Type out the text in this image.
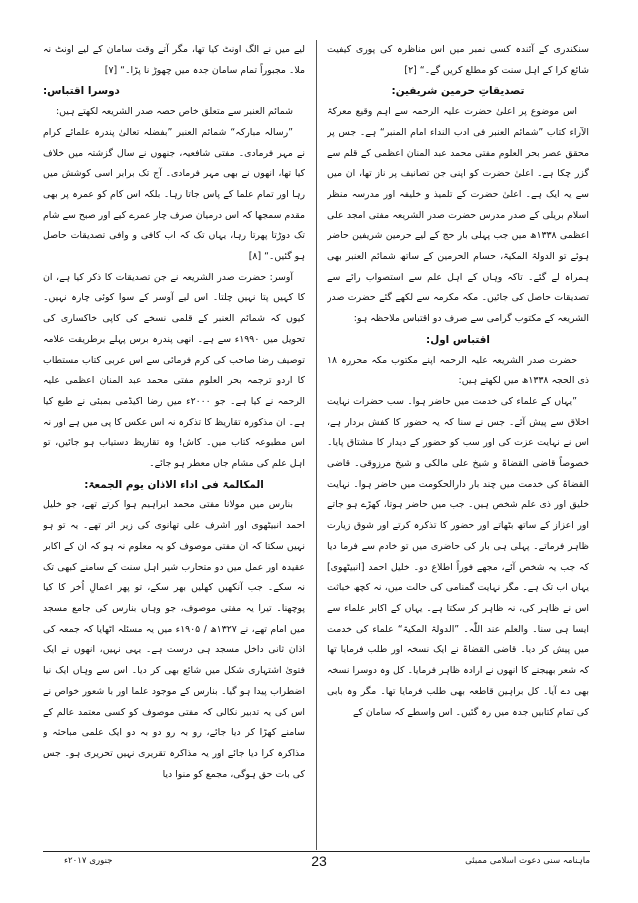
سنکندری کے آئندہ کسی نمبر میں اس مناظرہ کی پوری کیفیت شائع کرا کے اہل سنت کو مطلع کریں گے۔“ [۲]

تصدیقاتِ حرمین شریفین:

اس موضوع پر اعلیٰ حضرت علیہ الرحمہ سے اہم وقیع معرکۃ الآراء کتاب ”شمائم العنبر فی ادب النداء امام المنبر“ ہے۔ جس پر محقق عصر بحر العلوم مفتی محمد عبد المنان اعظمی کے قلم سے گزر چکا ہے۔ اعلیٰ حضرت کو اپنی جن تصانیف پر ناز تھا، ان میں سے یہ ایک ہے۔ اعلیٰ حضرت کے تلمیذ و خلیفہ اور مدرسہ منظر اسلام بریلی کے صدر مدرس حضرت صدر الشریعہ مفتی امجد علی اعظمی ۱۳۳۸ھ میں جب پہلی بار حج کے لیے حرمین شریفین حاضر ہوئے تو الدولۃ المکیۃ، حسام الحرمین کے ساتھ شمائم العنبر بھی ہمراہ لے گئے۔ تاکہ وہاں کے اہل علم سے استصواب رائے سے تصدیقات حاصل کی جائیں۔ مکہ مکرمہ سے لکھے گئے حضرت صدر الشریعہ کے مکتوب گرامی سے صرف دو اقتباس ملاحظہ ہو:

اقتباس اول:

حضرت صدر الشریعہ علیہ الرحمہ اپنے مکتوب مکہ محررہ ۱۸ ذی الحجہ ۱۳۳۸ھ میں لکھتے ہیں:

”یہاں کے علماء کی خدمت میں حاضر ہوا۔ سب حضرات نہایت اخلاق سے پیش آئے۔ جس نے سنا کہ یہ حضور کا کفش بردار ہے، اس نے نہایت عزت کی اور سب کو حضور کے دیدار کا مشتاق پایا۔ خصوصاً قاضی القضاۃ و شیخ علی مالکی و شیخ مرزوقی۔ قاضی القضاۃ کی خدمت میں چند بار دارالحکومت میں حاضر ہوا۔ نہایت خلیق اور ذی علم شخص ہیں۔ جب میں حاضر ہوتا، کھڑے ہو جاتے اور اعزاز کے ساتھ بٹھاتے اور حضور کا تذکرہ کرتے اور شوق زیارت ظاہر فرماتے۔ پہلی ہی بار کی حاضری میں تو خادم سے فرما دیا کہ جب یہ شخص آئے، مجھے فوراً اطلاع دو۔ خلیل احمد [انبیٹھوی] یہاں اب تک ہے۔ مگر نہایت گمنامی کی حالت میں، نہ کچھ خباثت اس نے ظاہر کی، نہ ظاہر کر سکتا ہے۔ یہاں کے اکابر علماء سے ایسا ہی سنا۔ والعلم عند اللّٰہ۔ ”الدولۃ المکیۃ“ علماء کی خدمت میں پیش کر دیا۔ قاضی القضاۃ نے ایک نسخہ اور طلب فرمایا تھا کہ شعر بھیجنے کا انھوں نے ارادہ ظاہر فرمایا۔ کل وہ دوسرا نسخہ بھی دے آیا۔ کل براہین قاطعہ بھی طلب فرمایا تھا۔ مگر وہ بابی کی تمام کتابیں جدہ میں رہ گئیں۔ اس واسطے کہ سامان کے

لیے میں نے الگ اونٹ کیا تھا، مگر آتے وقت سامان کے لیے اونٹ نہ ملا۔ مجبوراً تمام سامان جدہ میں چھوڑ نا پڑا۔“ [۷]

دوسرا اقتباس:

شمائم العنبر سے متعلق خاص حصہ صدر الشریعہ لکھتے ہیں:

”رسالہ مبارکہ“ شمائم العنبر ”بفضلہ تعالیٰ پندرہ علمائے کرام نے مہر فرمادی۔ مفتی شافعیہ، جنھوں نے سال گزشتہ میں خلاف کیا تھا، انھوں نے بھی مہر فرمادی۔ آج تک برابر اسی کوشش میں رہا اور تمام علما کے پاس جاتا رہا۔ بلکہ اس کام کو عمرہ پر بھی مقدم سمجھا کہ اس درمیان صرف چار عمرے کیے اور صبح سے شام تک دوڑتا پھرتا رہا، یہاں تک کہ اب کافی و وافی تصدیقات حاصل ہو گئیں۔“ [۸]

آوسر: حضرت صدر الشریعہ نے جن تصدیقات کا ذکر کیا ہے، ان کا کہیں پتا نہیں چلتا۔ اس لیے آوسر کے سوا کوئی چارہ نہیں۔ کیوں کہ شمائم العنبر کے قلمی نسخے کی کاپی خاکساری کی تحویل میں ۱۹۹۰ء سے ہے۔ انھی پندرہ برس پہلے برطریقت علامہ توصیف رضا صاحب کی کرم فرمائی سے اس عربی کتاب مستطاب کا اردو ترجمہ بحر العلوم مفتی محمد عبد المنان اعظمی علیہ الرحمہ نے کیا ہے۔ جو ۲۰۰۰ء میں رضا اکیڈمی بمبئی نے طبع کیا ہے۔ ان مذکورہ تقاریظ کا تذکرہ نہ اس عکس کا پی میں ہے اور نہ اس مطبوعہ کتاب میں۔ کاش! وہ تقاریظ دستیاب ہو جائیں، تو اہل علم کی مشام جاں معطر ہو جائے۔

المکالمۃ فی اداء الاذان یوم الجمعۃ:

بنارس میں مولانا مفتی محمد ابراہیم ہوا کرتے تھے، جو خلیل احمد انبیٹھوی اور اشرف علی تھانوی کی زیر اثر تھے۔ یہ تو ہو نہیں سکتا کہ ان مفتی موصوف کو یہ معلوم نہ ہو کہ ان کے اکابر عقیدہ اور عمل میں دو متحارب شیر اہل سنت کے سامنے کبھی تک نہ سکے۔ جب آنکھیں کھلیں بھر سکے، تو پھر اعمالِ اُخر کا کیا پوچھنا۔ تیرا یہ مفتی موصوف، جو وہاں بنارس کی جامع مسجد میں امام تھے، نے ۱۳۲۷ھ / ۱۹۰۵ء میں یہ مسئلہ اٹھایا کہ جمعہ کی اذان ثانی داخل مسجد ہی درست ہے۔ یہی نہیں، انھوں نے ایک فتویٰ اشتہاری شکل میں شائع بھی کر دیا۔ اس سے وہاں ایک نیا اضطراب پیدا ہو گیا۔ بنارس کے موجود علما اور با شعور خواص نے اس کی یہ تدبیر نکالی کہ مفتی موصوف کو کسی معتمد عالم کے سامنے کھڑا کر دیا جائے، رو بہ رو دو بہ دو ایک علمی مباحثہ و مذاکرہ کرا دیا جائے اور یہ مذاکرہ تقریری نہیں تحریری ہو۔ جس کی بات حق ہوگی، مجمع کو منوا دیا

23	ماہنامہ سنی دعوت اسلامی ممبئی
جنوری ۲۰۱۷ء
